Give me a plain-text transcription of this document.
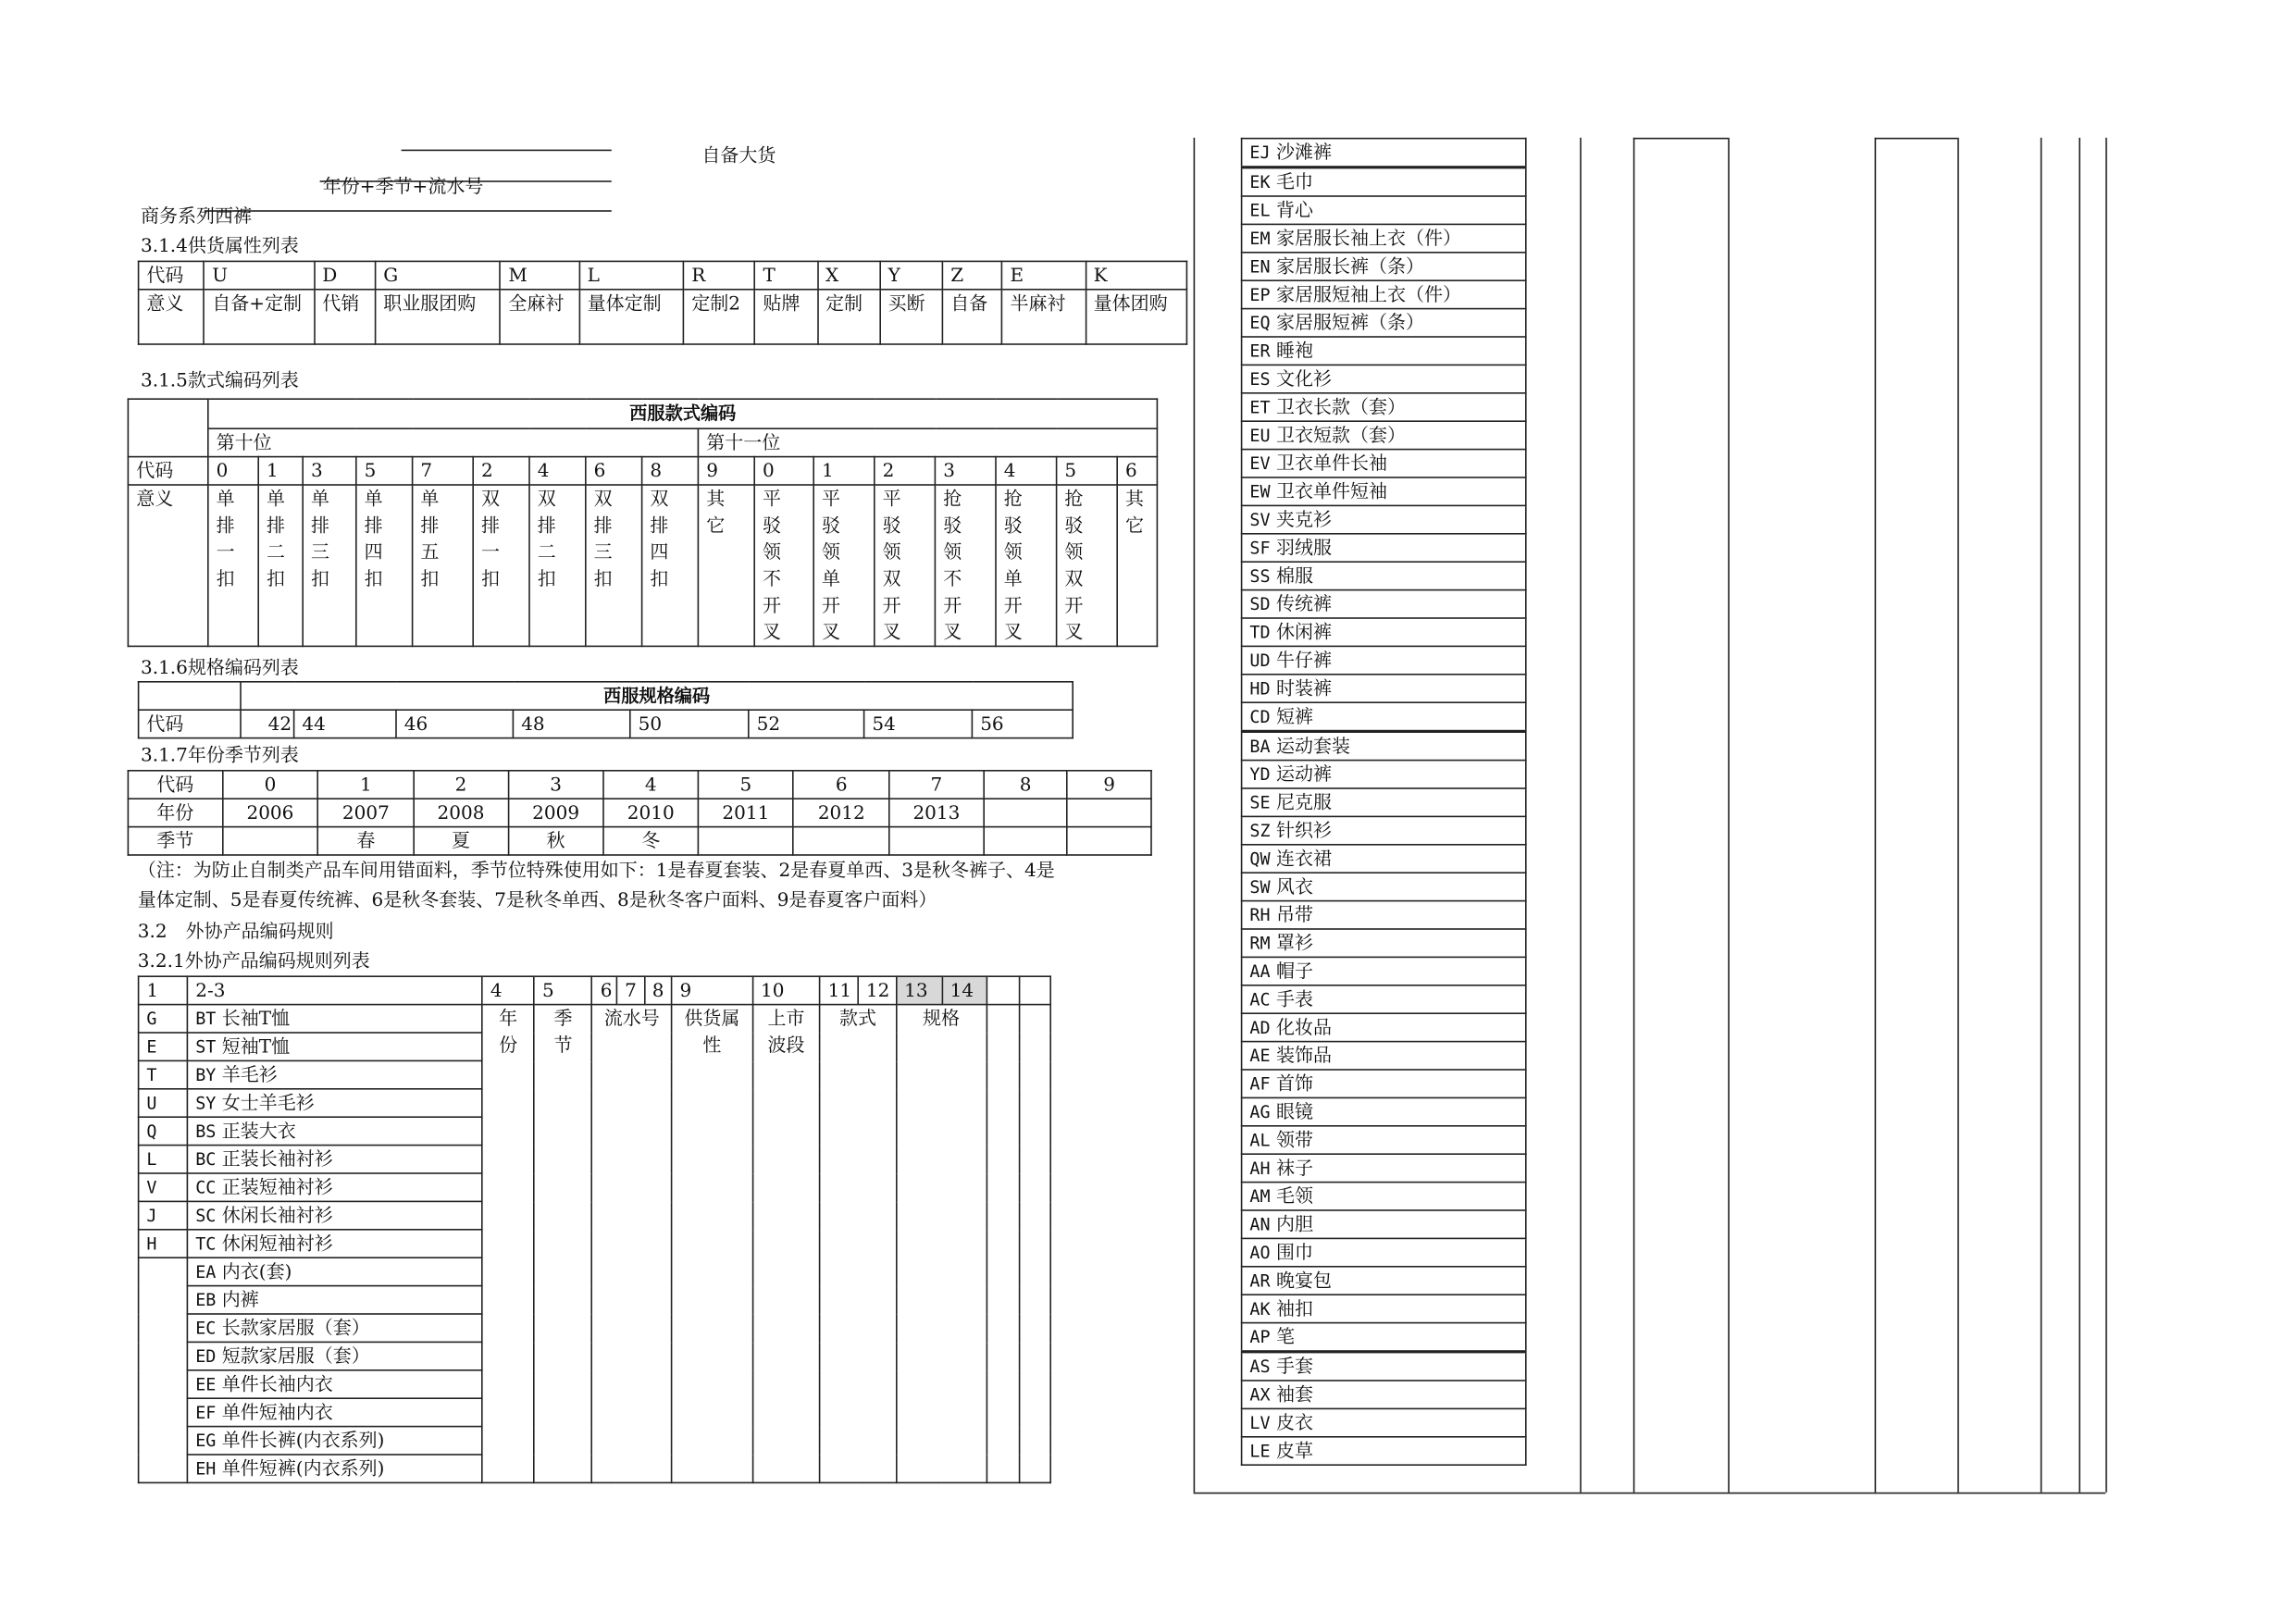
自备大货
年份+季节+流水号
商务系列西裤
3.1.4供货属性列表
代码	U	D	G	M	L	R	T	X	Y	Z	E	K
意义	自备+定制	代销	职业服团购	全麻衬	量体定制	定制2	贴牌	定制	买断	自备	半麻衬	量体团购
3.1.5款式编码列表
	西服款式编码																
	第十位									第十一位							
代码	0	1	3	5	7	2	4	6	8	9	0	1	2	3	4	5	6
意义	单排一扣	单排二扣	单排三扣	单排四扣	单排五扣	双排一扣	双排二扣	双排三扣	双排四扣	其它	平驳领不开叉	平驳领单开叉	平驳领双开叉	抢驳领不开叉	抢驳领单开叉	抢驳领双开叉	其它
3.1.6规格编码列表
	西服规格编码							
代码	42	44	46	48	50	52	54	56
3.1.7年份季节列表
代码	0	1	2	3	4	5	6	7	8	9
年份	2006	2007	2008	2009	2010	2011	2012	2013		
季节		春	夏	秋	冬					
（注：为防止自制类产品车间用错面料，季节位特殊使用如下：1是春夏套装、2是春夏单西、3是秋冬裤子、4是
量体定制、5是春夏传统裤、6是秋冬套装、7是秋冬单西、8是秋冬客户面料、9是春夏客户面料）
3.2　外协产品编码规则
3.2.1外协产品编码规则列表
1	2-3	4	5	6	7	8	9	10	11	12	13	14		
G	BT 长袖T恤	年份	季节	流水号			供货属性	上市波段	款式		规格			

E	ST 短袖T恤													
T	BY 羊毛衫													
U	SY 女士羊毛衫													
Q	BS 正装大衣													
L	BC 正装长袖衬衫													
V	CC 正装短袖衬衫													
J	SC 休闲长袖衬衫													
H	TC 休闲短袖衬衫													
	EA 内衣(套)													
	EB 内裤													
	EC 长款家居服（套）													
	ED 短款家居服（套）													
	EE 单件长袖内衣													
	EF 单件短袖内衣													
	EG 单件长裤(内衣系列)													
	EH 单件短裤(内衣系列)													
EJ 沙滩裤
EK 毛巾
EL 背心
EM 家居服长袖上衣（件）
EN 家居服长裤（条）
EP 家居服短袖上衣（件）
EQ 家居服短裤（条）
ER 睡袍
ES 文化衫
ET 卫衣长款（套）
EU 卫衣短款（套）
EV 卫衣单件长袖
EW 卫衣单件短袖
SV 夹克衫
SF 羽绒服
SS 棉服
SD 传统裤
TD 休闲裤
UD 牛仔裤
HD 时装裤
CD 短裤
BA 运动套装
YD 运动裤
SE 尼克服
SZ 针织衫
QW 连衣裙
SW 风衣
RH 吊带
RM 罩衫
AA 帽子
AC 手表
AD 化妆品
AE 装饰品
AF 首饰
AG 眼镜
AL 领带
AH 袜子
AM 毛领
AN 内胆
AO 围巾
AR 晚宴包
AK 袖扣
AP 笔
AS 手套
AX 袖套
LV 皮衣
LE 皮草
